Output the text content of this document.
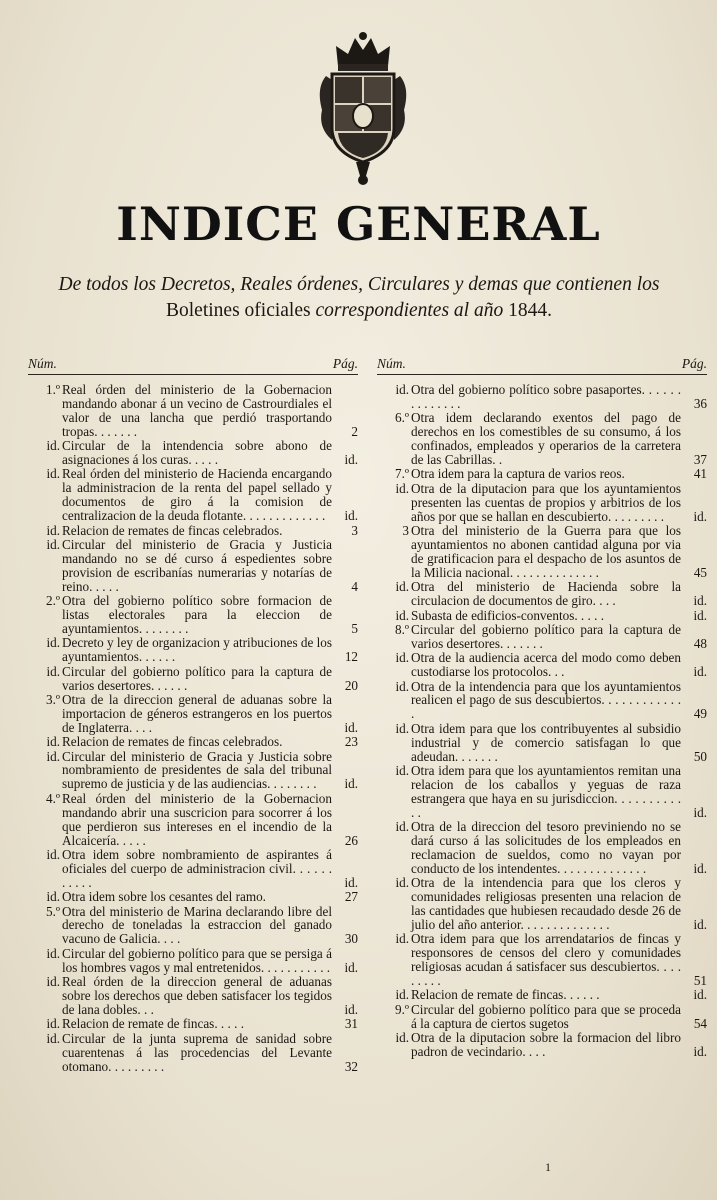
INDICE GENERAL
De todos los Decretos, Reales órdenes, Circulares y demas que contienen los
Boletines oficiales correspondientes al año 1844.
Núm.	Pág.
1.º Real órden del ministerio de la Gobernacion mandando abonar á un vecino de Castrourdiales el valor de una lancha que perdió trasportando tropas. . . . . . .	2
id. Circular de la intendencia sobre abono de asignaciones á los curas. . . . .	id.
id. Real órden del ministerio de Hacienda encargando la administracion de la renta del papel sellado y documentos de giro á la comision de centralizacion de la deuda flotante. . . . . . . . . . . . .	id.
id. Relacion de remates de fincas celebrados.	3
id. Circular del ministerio de Gracia y Justicia mandando no se dé curso á espedientes sobre provision de escribanías numerarias y notarías de reino. . . . .	4
2.º Otra del gobierno político sobre formacion de listas electorales para la eleccion de ayuntamientos. . . . . . . .	5
id. Decreto y ley de organizacion y atribuciones de los ayuntamientos. . . . . .	12
id. Circular del gobierno político para la captura de varios desertores. . . . . .	20
3.º Otra de la direccion general de aduanas sobre la importacion de géneros estrangeros en los puertos de Inglaterra. . . .	id.
id. Relacion de remates de fincas celebrados.	23
id. Circular del ministerio de Gracia y Justicia sobre nombramiento de presidentes de sala del tribunal supremo de justicia y de las audiencias. . . . . . . .	id.
4.º Real órden del ministerio de la Gobernacion mandando abrir una suscricion para socorrer á los que perdieron sus intereses en el incendio de la Alcaicería. . . . .	26
id. Otra idem sobre nombramiento de aspirantes á oficiales del cuerpo de administracion civil. . . . . . . . . . .	id.
id. Otra idem sobre los cesantes del ramo.	27
5.º Otra del ministerio de Marina declarando libre del derecho de toneladas la estraccion del ganado vacuno de Galicia. . . .	30
id. Circular del gobierno político para que se persiga á los hombres vagos y mal entretenidos. . . . . . . . . . .	id.
id. Real órden de la direccion general de aduanas sobre los derechos que deben satisfacer los tegidos de lana dobles. . .	id.
id. Relacion de remate de fincas. . . . .	31
id. Circular de la junta suprema de sanidad sobre cuarentenas á las procedencias del Levante otomano. . . . . . . . .	32
Núm.	Pág.
id. Otra del gobierno político sobre pasaportes. . . . . . . . . . . . . .	36
6.º Otra idem declarando exentos del pago de derechos en los comestibles de su consumo, á los confinados, empleados y operarios de la carretera de las Cabrillas. .	37
7.º Otra idem para la captura de varios reos.	41
id. Otra de la diputacion para que los ayuntamientos presenten las cuentas de propios y arbitrios de los años por que se hallan en descubierto. . . . . . . . .	id.
3 Otra del ministerio de la Guerra para que los ayuntamientos no abonen cantidad alguna por via de gratificacion para el despacho de los asuntos de la Milicia nacional. . . . . . . . . . . . . .	45
id. Otra del ministerio de Hacienda sobre la circulacion de documentos de giro. . . .	id.
id. Subasta de edificios-conventos. . . . .	id.
8.º Circular del gobierno político para la captura de varios desertores. . . . . . .	48
id. Otra de la audiencia acerca del modo como deben custodiarse los protocolos. . .	id.
id. Otra de la intendencia para que los ayuntamientos realicen el pago de sus descubiertos. . . . . . . . . . . . .	49
id. Otra idem para que los contribuyentes al subsidio industrial y de comercio satisfagan lo que adeudan. . . . . . .	50
id. Otra idem para que los ayuntamientos remitan una relacion de los caballos y yeguas de raza estrangera que haya en su jurisdiccion. . . . . . . . . . . .	id.
id. Otra de la direccion del tesoro previniendo no se dará curso á las solicitudes de los empleados en reclamacion de sueldos, como no vayan por conducto de los intendentes. . . . . . . . . . . . . .	id.
id. Otra de la intendencia para que los cleros y comunidades religiosas presenten una relacion de las cantidades que hubiesen recaudado desde 26 de julio del año anterior. . . . . . . . . . . . . .	id.
id. Otra idem para que los arrendatarios de fincas y responsores de censos del clero y comunidades religiosas acudan á satisfacer sus descubiertos. . . . . . . . .	51
id. Relacion de remate de fincas. . . . . .	id.
9.º Circular del gobierno político para que se proceda á la captura de ciertos sugetos	54
id. Otra de la diputacion sobre la formacion del libro padron de vecindario. . . .	id.
1
